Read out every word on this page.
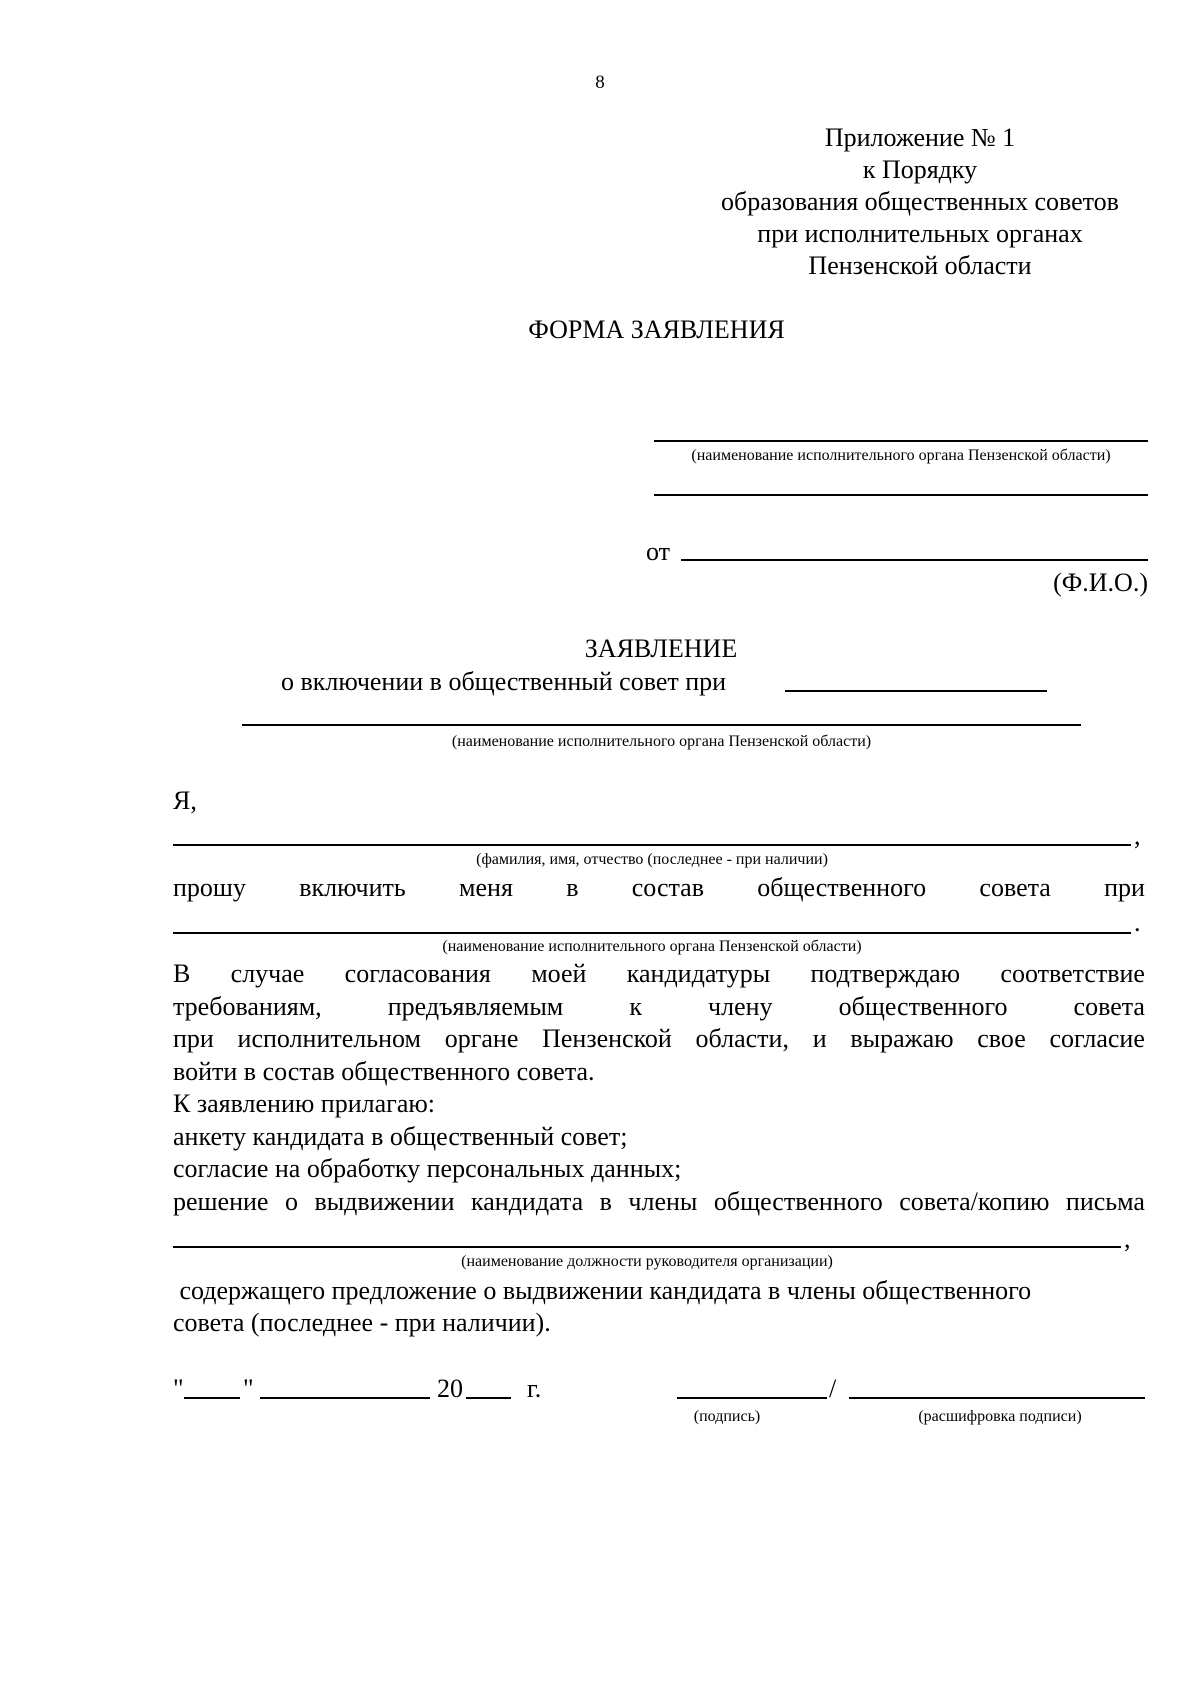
8
Приложение № 1
к Порядку
образования общественных советов
при исполнительных органах
Пензенской области
ФОРМА ЗАЯВЛЕНИЯ
(наименование исполнительного органа Пензенской области)
от
(Ф.И.О.)
ЗАЯВЛЕНИЕ
о включении в общественный совет при
(наименование исполнительного органа Пензенской области)
Я,
,
(фамилия, имя, отчество (последнее - при наличии)
прошу включить меня в состав общественного совета при
.
(наименование исполнительного органа Пензенской области)
В случае согласования моей кандидатуры подтверждаю соответствие
требованиям,	предъявляемым	к	члену	общественного	совета
при исполнительном органе Пензенской области, и выражаю свое согласие
войти в состав общественного совета.
К заявлению прилагаю:
анкету кандидата в общественный совет;
согласие на обработку персональных данных;
решение о выдвижении кандидата в члены общественного совета/копию письма
,
(наименование должности руководителя организации)
содержащего предложение о выдвижении кандидата в члены общественного
совета (последнее - при наличии).
" "	20 г.	/
(подпись)	(расшифровка подписи)
